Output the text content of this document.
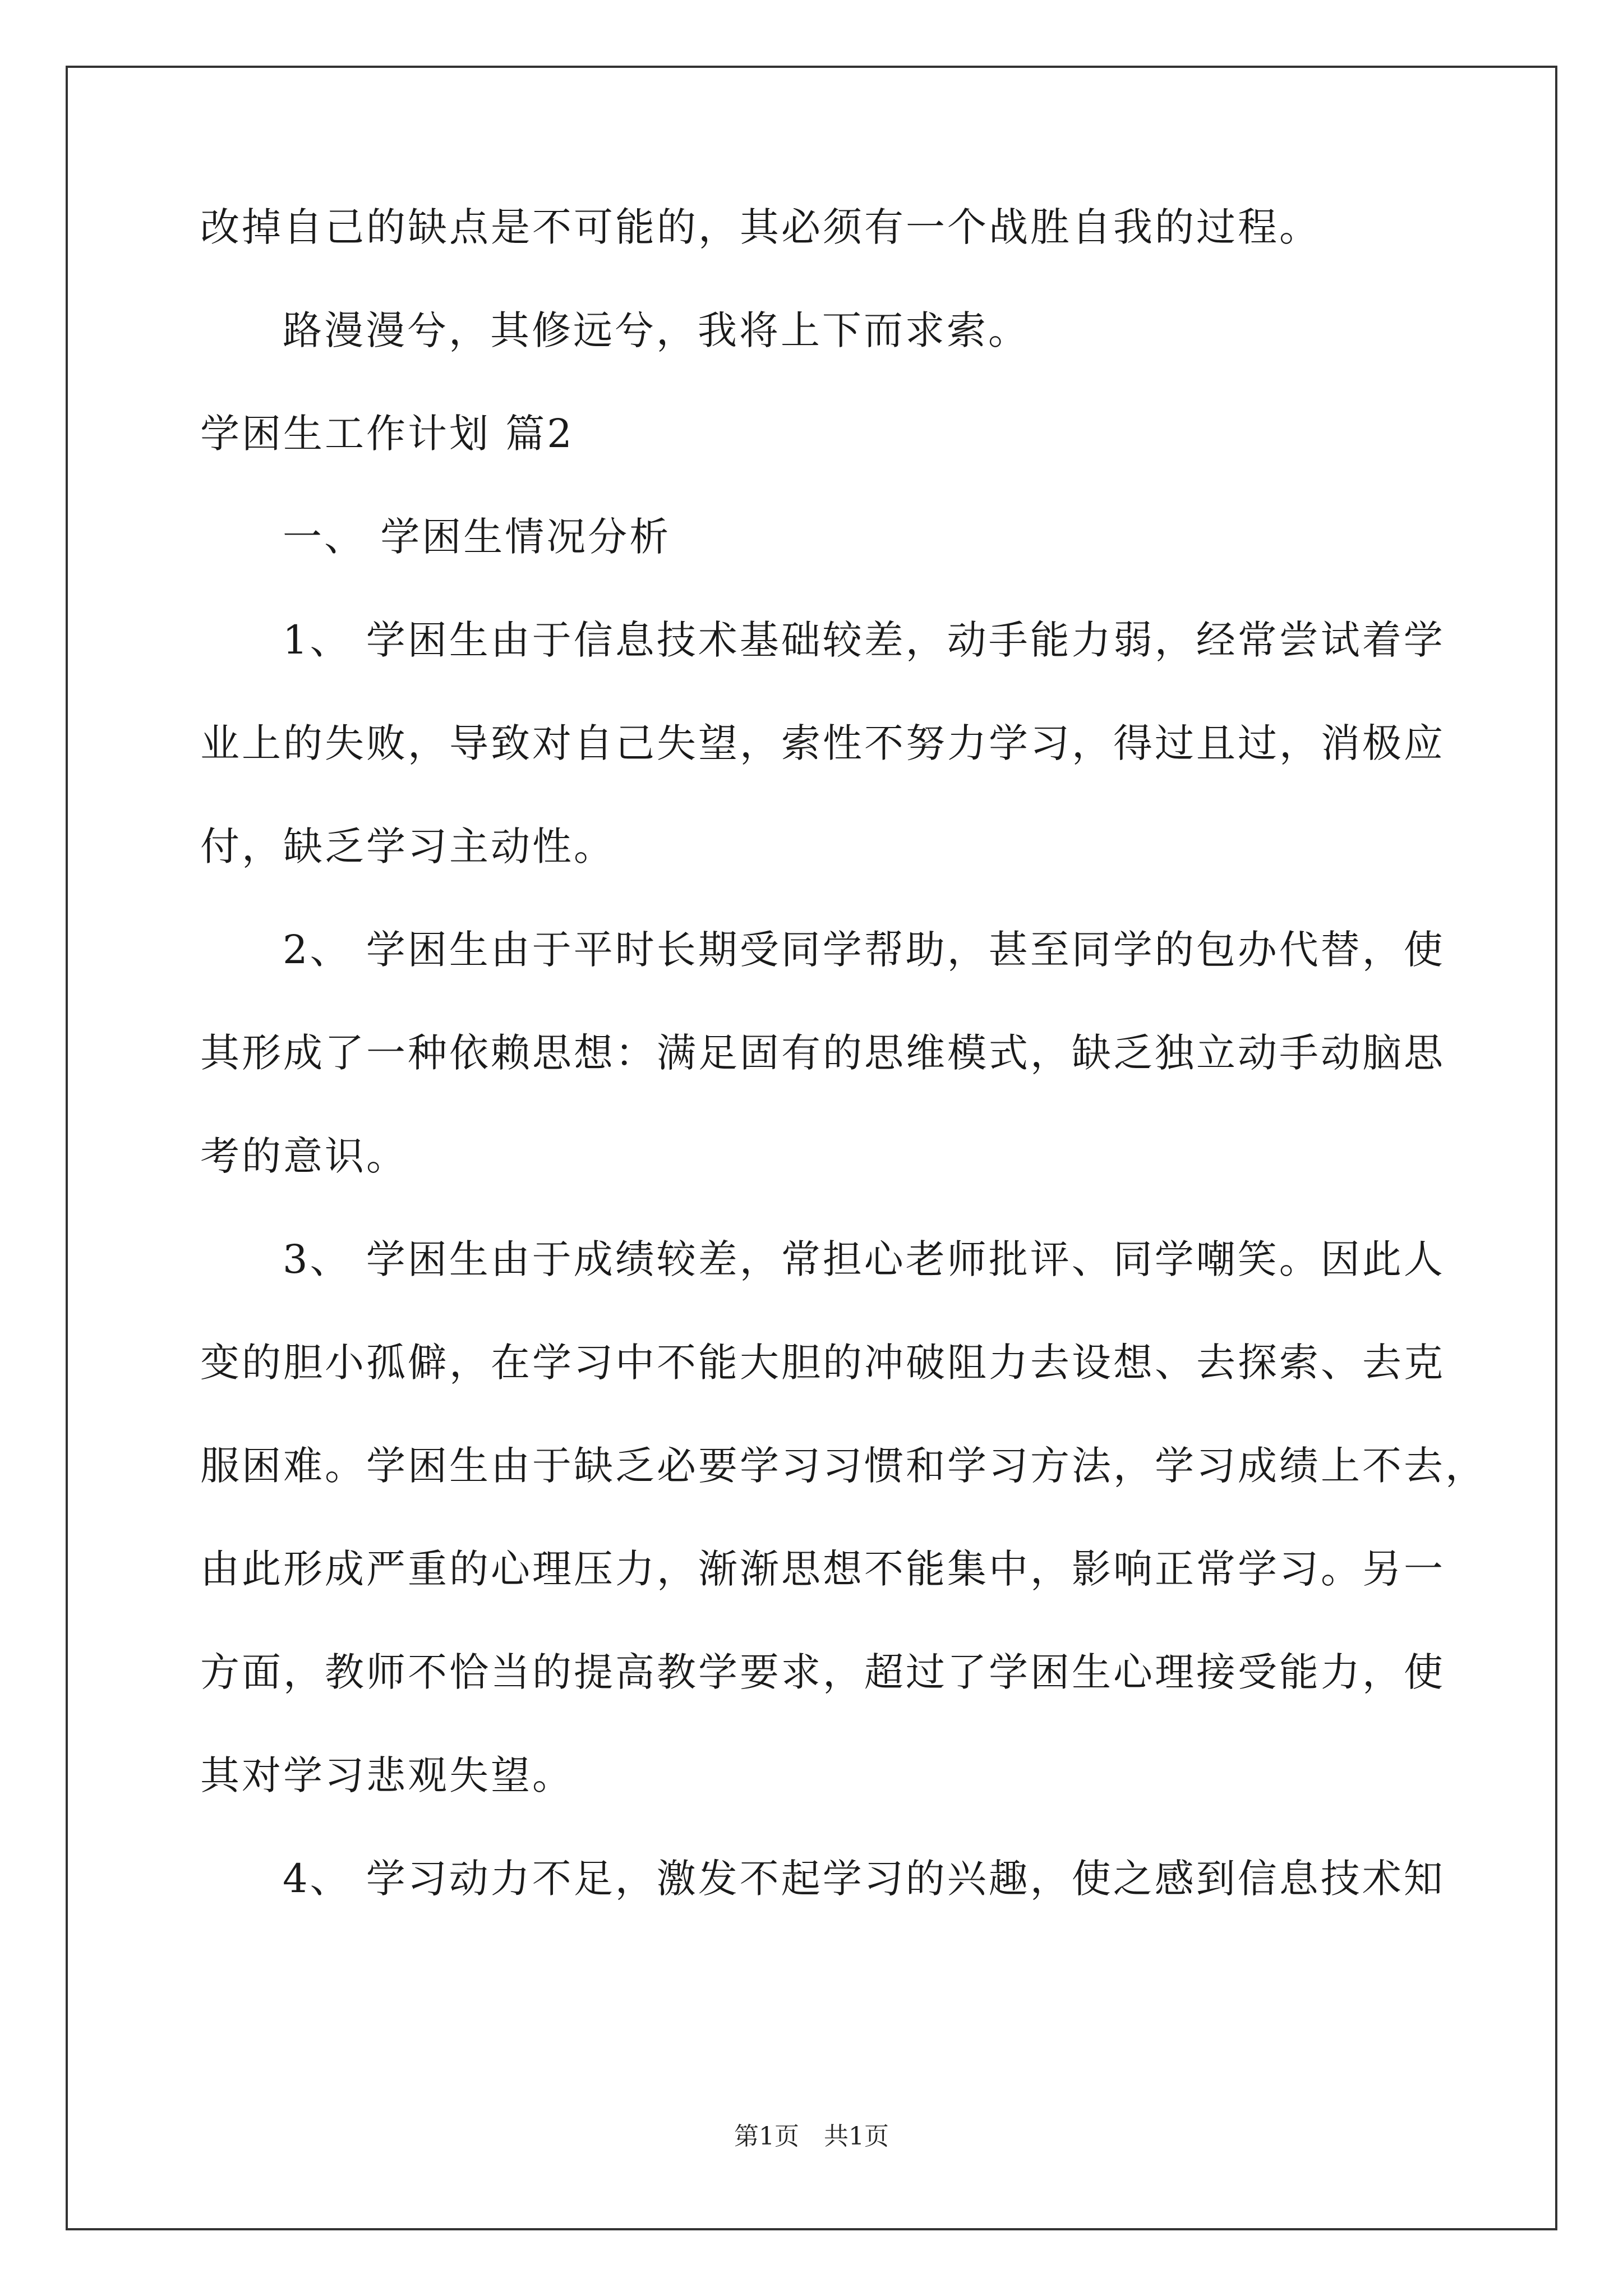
改掉自己的缺点是不可能的，其必须有一个战胜自我的过程。
路漫漫兮，其修远兮，我将上下而求索。
学困生工作计划 篇2
一、 学困生情况分析
1、 学困生由于信息技术基础较差，动手能力弱，经常尝试着学
业上的失败，导致对自己失望，索性不努力学习，得过且过，消极应
付，缺乏学习主动性。
2、 学困生由于平时长期受同学帮助，甚至同学的包办代替，使
其形成了一种依赖思想：满足固有的思维模式，缺乏独立动手动脑思
考的意识。
3、 学困生由于成绩较差，常担心老师批评、同学嘲笑。因此人
变的胆小孤僻，在学习中不能大胆的冲破阻力去设想、去探索、去克
服困难。学困生由于缺乏必要学习习惯和学习方法，学习成绩上不去，
由此形成严重的心理压力，渐渐思想不能集中，影响正常学习。另一
方面，教师不恰当的提高教学要求，超过了学困生心理接受能力，使
其对学习悲观失望。
4、 学习动力不足，激发不起学习的兴趣，使之感到信息技术知
第1页　共1页
